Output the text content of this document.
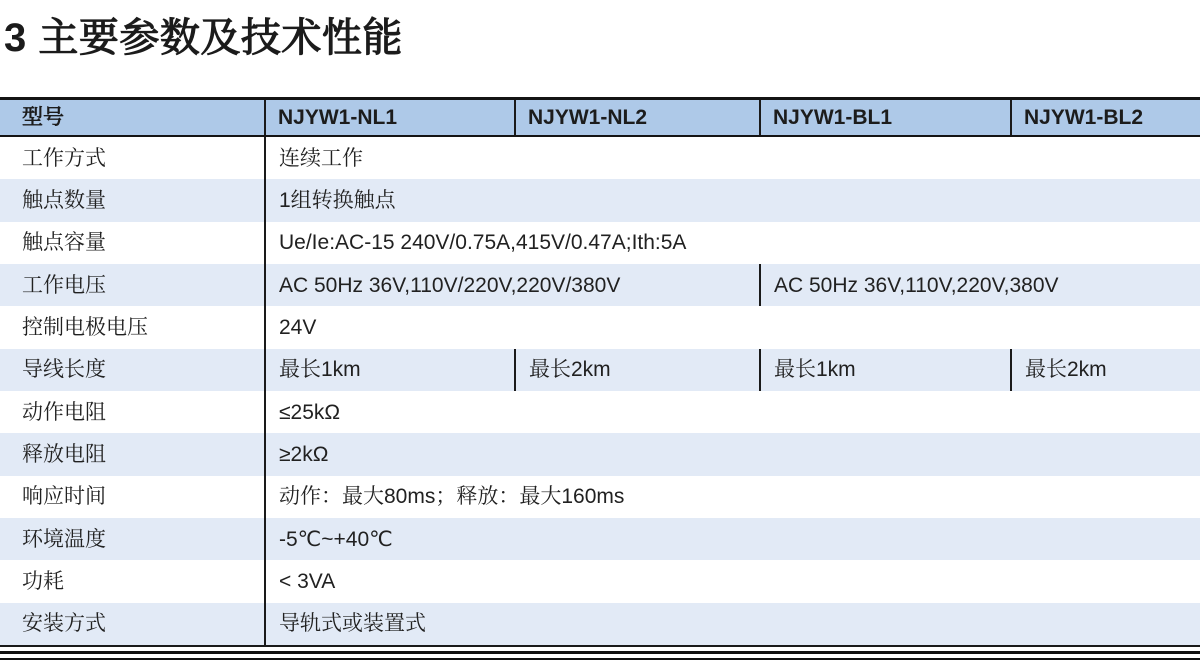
3 主要参数及技术性能
型号	NJYW1-NL1	NJYW1-NL2	NJYW1-BL1	NJYW1-BL2
工作方式	连续工作
触点数量	1组转换触点
触点容量	Ue/Ie:AC-15 240V/0.75A,415V/0.47A;Ith:5A
工作电压	AC 50Hz 36V,110V/220V,220V/380V	AC 50Hz 36V,110V,220V,380V
控制电极电压	24V
导线长度	最长1km	最长2km	最长1km	最长2km
动作电阻	≤25kΩ
释放电阻	≥2kΩ
响应时间	动作：最大80ms；释放：最大160ms
环境温度	-5℃~+40℃
功耗	< 3VA
安装方式	导轨式或装置式
